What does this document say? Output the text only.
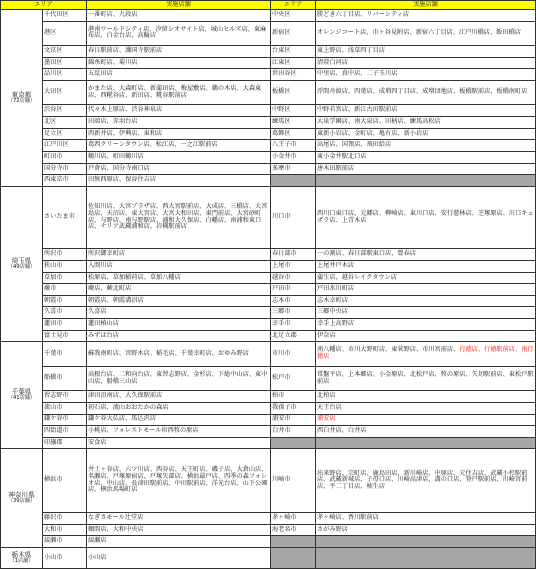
エリア		実施店舗	エリア	実施店舗

東京都
（72店舗）	千代田区	一番町店、九段店	中央区	勝どき六丁目店、リバーシティ店
	港区	港南ワールドシティ店、汐留シオサイト店、城山ヒルズ店、東麻布店、白金台店、高輪店	新宿区	オレンジコート店、市ヶ谷見附店、新宿六丁目店、江戸川橋店、飯田橋店
	文京区	春日駅前店、護国寺駅前店	台東区	東上野店、浅草四丁目店
	墨田区	錦糸町店、菊川店	江東区	清澄白河店
	品川区	五反田店	世田谷区	中里店、真中店、二子玉川店
	大田区	かまた店、大森町店、新蒲田店、梅屋敷店、鵜の木店、大森東店、西糀谷店、新田店、糀谷駅前店	板橋区	浮間舟渡店、四葉店、成増四丁目店、成増団地店、板橋駅前店、板橋南町店
	渋谷区	代々木上原店、渋谷神泉店	中野区	中野若宮店、新江古田駅前店
	北区	田端店、赤羽台店	練馬区	大泉学園店、南大泉店、田柄店、練馬高松店
	足立区	西新井店、伊興店、東和店	葛飾区	東新小岩店、金町店、亀有店、新小岩店
	江戸川区	葛西クリーンタウン店、松江店、一之江駅前店	八王子市	高尾店、国領店、飛田給店
	町田市	鶴川店、町田鶴川店	小金井市	東小金井駅北口店
	国分寺市	戸倉店、国分寺南口店	多摩市	唐木田駅前店
	西東京市	田無西原店、保谷住吉店		

埼玉県
（49店舗）	さいたま市	佐知川店、大宮プラザ店、西大宮駅前店、大成店、三橋店、大宮島店、天沼店、東大宮店、大宮大和田店、東門前店、大宮砂町店、与野店、南与野駅店、浦和大久保店、白幡店、南浦和東口店、ナリア武蔵浦和店、岩槻駅前店	川口市	西川口東口店、元郷店、柳崎店、東川口店、安行慈林店、芝塚原店、川口キュポラ店、上青木店
	所沢市	所沢御幸町店	春日部市	一の割店、春日部駅東口店、豊春店
	狭山市	入間川店	上尾市	上尾井戸木店
	草加市	松原店、草加稲荷店、草加八幡店	越谷市	蒲生店、越谷レイクタウン店
	蕨市	蕨店、蕨北町店	戸田市	戸田氷川町店
	朝霞市	朝霞店、朝霞溝沼店	志木市	志木幸町店
	久喜市	久喜店	三郷市	三郷中央店
	蓮田市	蓮田椿山店	幸手市	幸手上高野店
	富士見市	みずほ台店	北足立郡	伊奈店

千葉県
（41店舗）	千葉市	蘇我南町店、宮野木店、稲毛店、千葉幸町店、おゆみ野店	市川市	南八幡店、市川大野町店、東菅野店、市川宮前店、行徳店、行徳駅前店、南行徳店
	船橋市	高根台店、二和向台店、東習志野店、金杉店、下総中山店、東中山店、船橋三山店	松戸市	常盤平店、上本郷店、小金原店、北松戸店、牧の原店、矢切駅前店、東松戸駅前店
	習志野市	津田沼南店、大久保駅前店	柏市	北柏店
	流山市	初石店、流山おおたかの森店	我孫子市	天王台店
	鎌ケ谷市	鎌ケ谷大仏店、馬込沢店	浦安市	浦安店
	四街道市	小桃店、フォレストモール印西牧の原店	白井市	西白井店、白井店
	印旛郡	安食店		

神奈川県
（39店舗）	横浜市	井土ヶ谷店、六ツ川店、西谷店、天王町店、磯子店、大倉山店、名瀬店、戸塚原宿店、戸塚矢部店、横浜最戸店、四季の森フォレオ店、中山店、長津田駅前店、中田駅前店、洋光台店、山下公園店、横浜馬場町店	川崎市	出来野店、宗町店、鹿島田店、新川崎店、中原店、元住吉店、武蔵小杉駅前店、武蔵新城店、子母口店、川崎高津店、溝の口店、登戸駅前店、川崎宮前店、平二丁目店、柿生店
	藤沢市	なぎさモール辻堂店	茅ヶ崎市	茅ヶ崎店、香川駅前店
	大和市	鶴間店、大和中央店	海老名市	さがみ野店
	綾瀬市	綾瀬店		

栃木県
（1店舗）	小山市	小山店		
